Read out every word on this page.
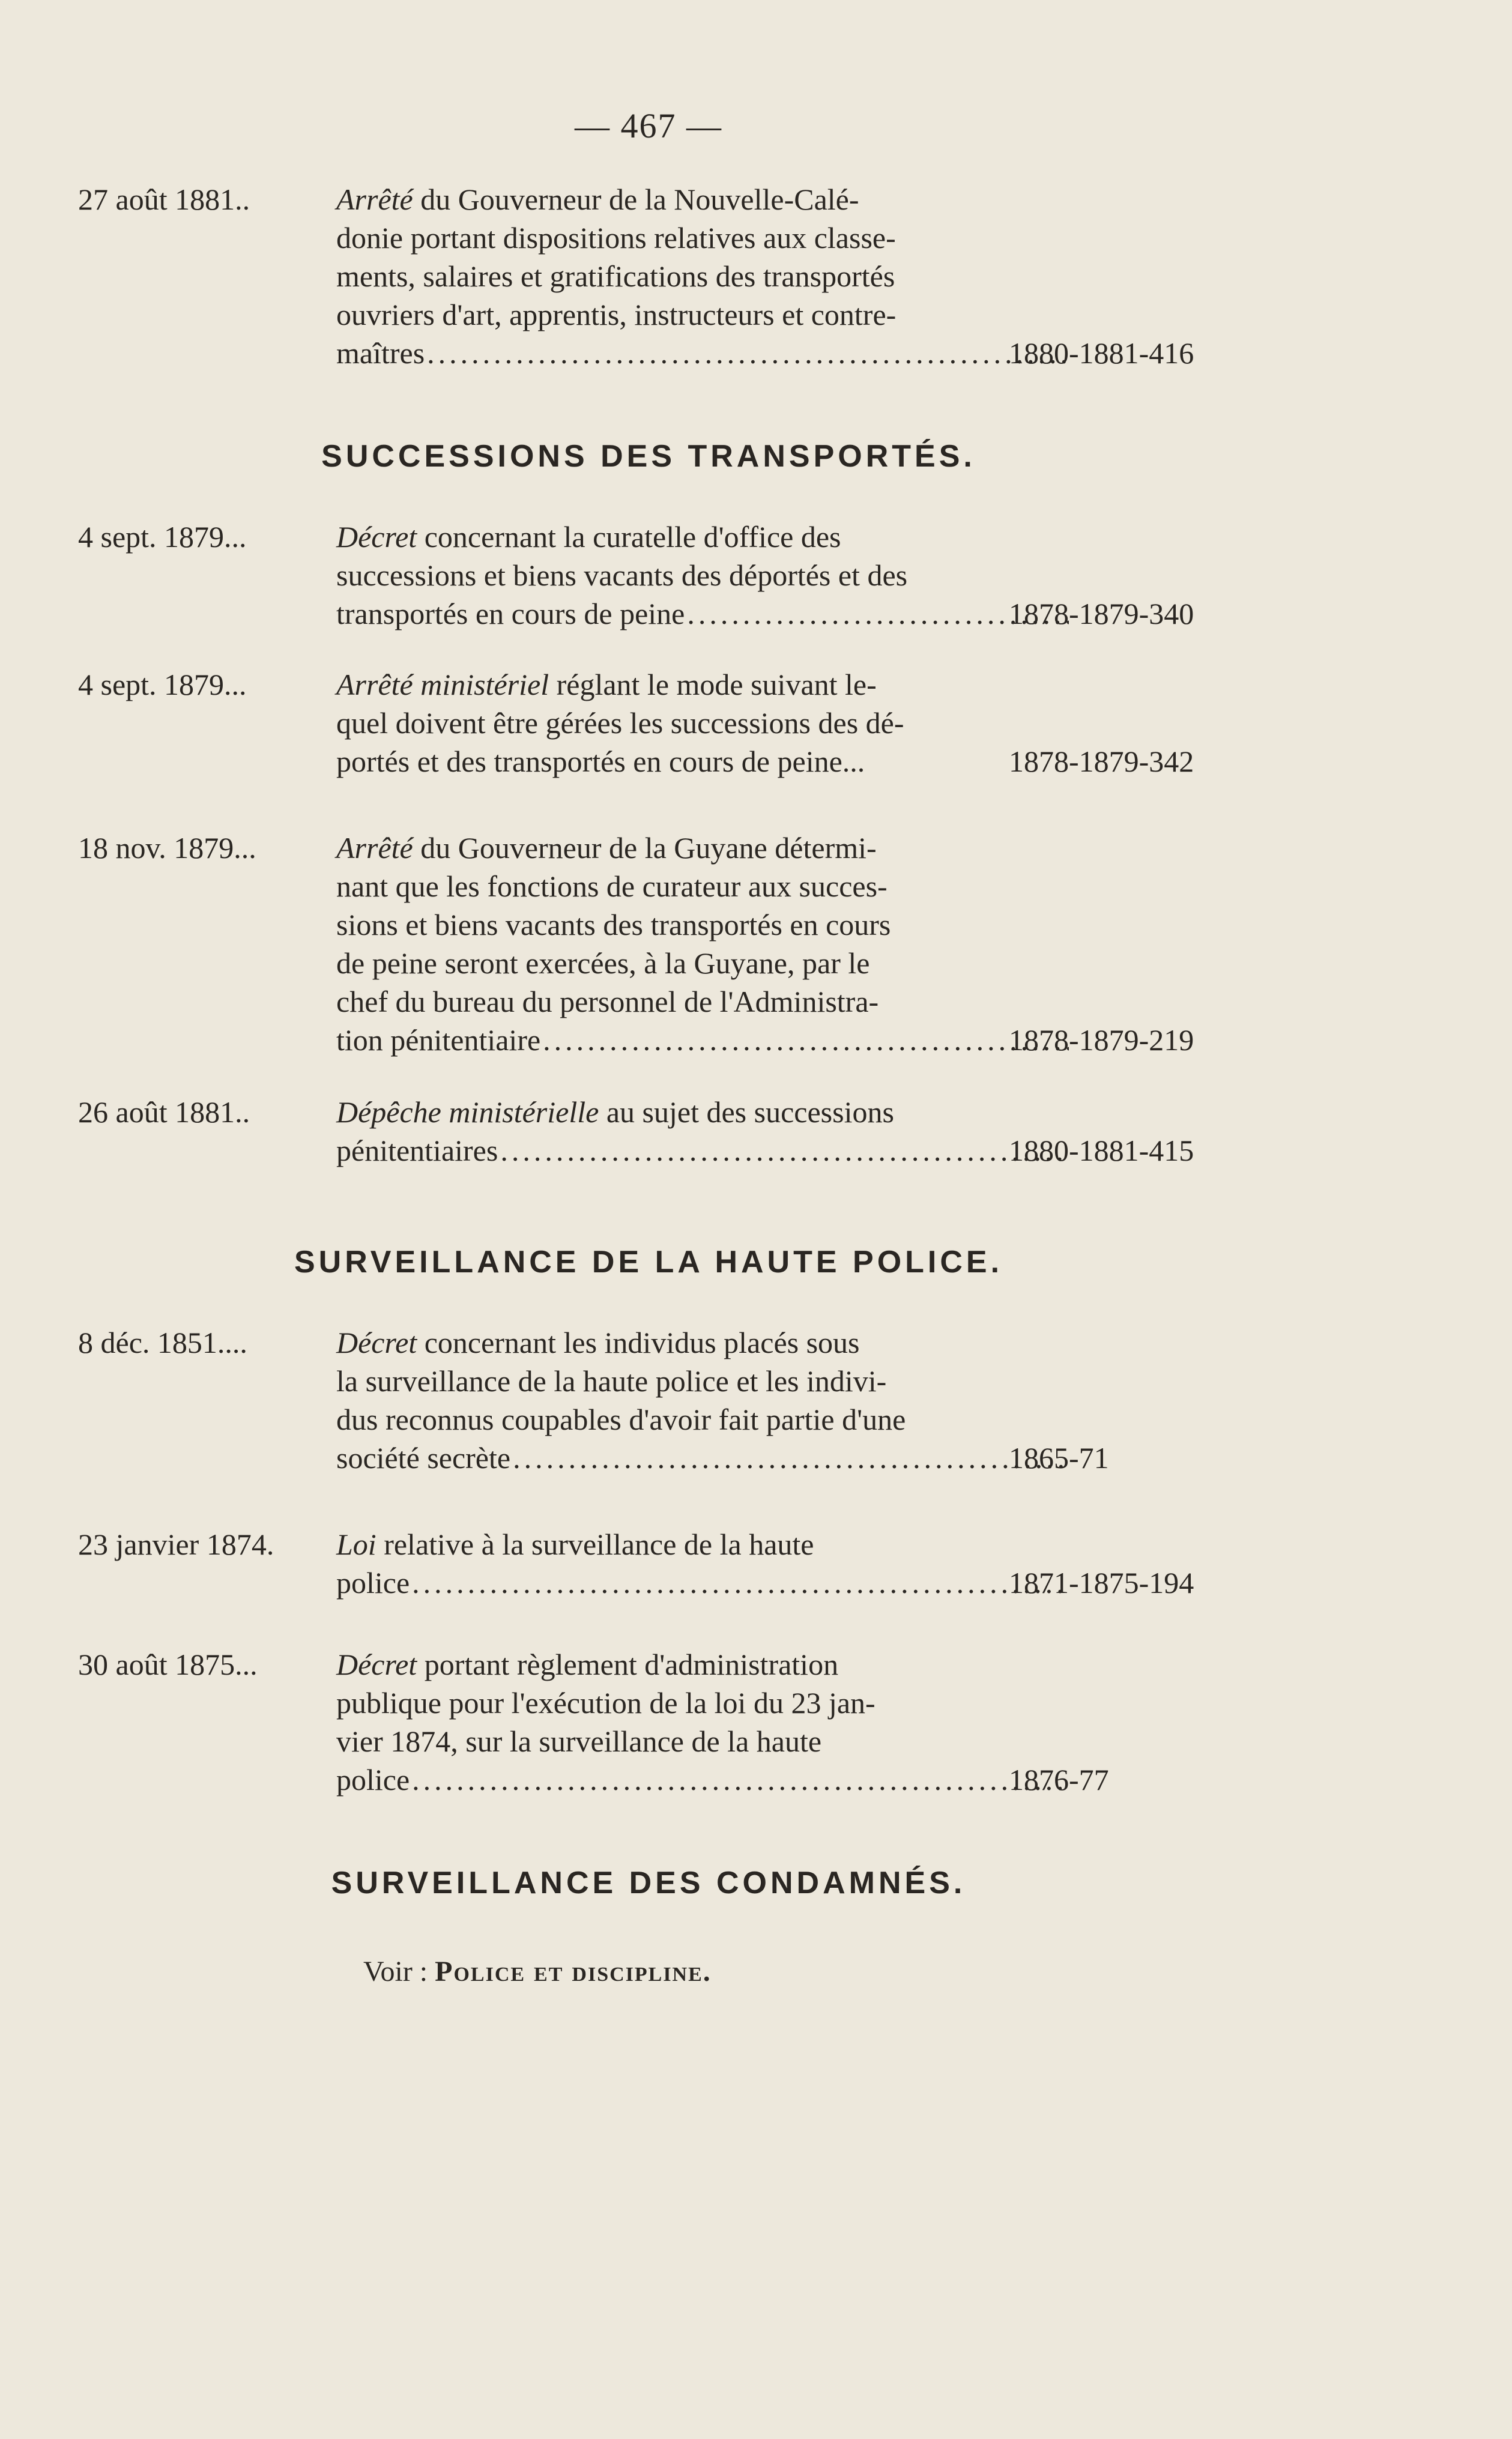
— 467 —
27 août 1881..	Arrêté du Gouverneur de la Nouvelle-Calé-
donie portant dispositions relatives aux classe-
ments, salaires et gratifications des transportés
ouvriers d'art, apprentis, instructeurs et contre-
maîtres .....	1880-1881-416
SUCCESSIONS DES TRANSPORTÉS.
4 sept. 1879...	Décret concernant la curatelle d'office des
successions et biens vacants des déportés et des
transportés en cours de peine .....	1878-1879-340
4 sept. 1879...	Arrêté ministériel réglant le mode suivant le-
quel doivent être gérées les successions des dé-
portés et des transportés en cours de peine...	1878-1879-342
18 nov. 1879...	Arrêté du Gouverneur de la Guyane détermi-
nant que les fonctions de curateur aux succes-
sions et biens vacants des transportés en cours
de peine seront exercées, à la Guyane, par le
chef du bureau du personnel de l'Administra-
tion pénitentiaire .....	1878-1879-219
26 août 1881..	Dépêche ministérielle au sujet des successions
pénitentiaires .....	1880-1881-415
SURVEILLANCE DE LA HAUTE POLICE.
8 déc. 1851....	Décret concernant les individus placés sous
la surveillance de la haute police et les indivi-
dus reconnus coupables d'avoir fait partie d'une
société secrète .....	1865-71
23 janvier 1874.	Loi relative à la surveillance de la haute
police .....	1871-1875-194
30 août 1875...	Décret portant règlement d'administration
publique pour l'exécution de la loi du 23 jan-
vier 1874, sur la surveillance de la haute
police .....	1876-77
SURVEILLANCE DES CONDAMNÉS.
Voir : Police et discipline.
